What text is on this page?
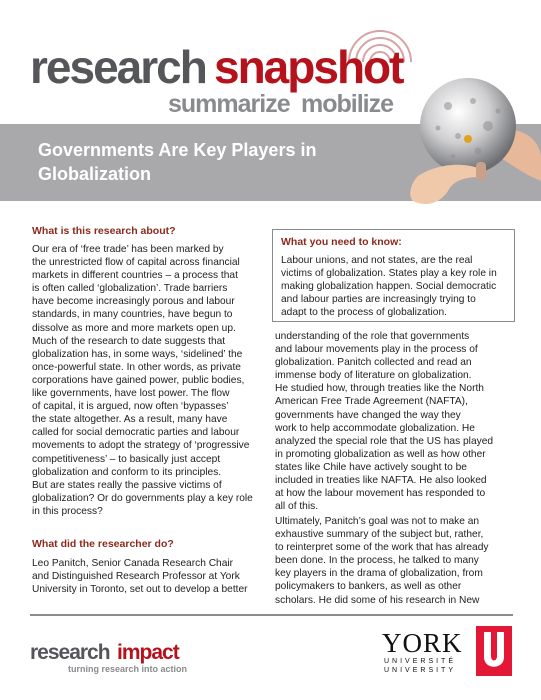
research snapshot
summarize mobilize
Governments Are Key Players in
Globalization
What is this research about?
Our era of ‘free trade’ has been marked by
the unrestricted flow of capital across financial
markets in different countries – a process that
is often called ‘globalization’. Trade barriers
have become increasingly porous and labour
standards, in many countries, have begun to
dissolve as more and more markets open up.
Much of the research to date suggests that
globalization has, in some ways, ‘sidelined’ the
once-powerful state. In other words, as private
corporations have gained power, public bodies,
like governments, have lost power. The flow
of capital, it is argued, now often ‘bypasses’
the state altogether. As a result, many have
called for social democratic parties and labour
movements to adopt the strategy of ‘progressive
competitiveness’ – to basically just accept
globalization and conform to its principles.
But are states really the passive victims of
globalization? Or do governments play a key role
in this process?
What did the researcher do?
Leo Panitch, Senior Canada Research Chair
and Distinguished Research Professor at York
University in Toronto, set out to develop a better
What you need to know:
Labour unions, and not states, are the real
victims of globalization. States play a key role in
making globalization happen. Social democratic
and labour parties are increasingly trying to
adapt to the process of globalization.
understanding of the role that governments
and labour movements play in the process of
globalization. Panitch collected and read an
immense body of literature on globalization.
He studied how, through treaties like the North
American Free Trade Agreement (NAFTA),
governments have changed the way they
work to help accommodate globalization. He
analyzed the special role that the US has played
in promoting globalization as well as how other
states like Chile have actively sought to be
included in treaties like NAFTA. He also looked
at how the labour movement has responded to
all of this.
Ultimately, Panitch’s goal was not to make an
exhaustive summary of the subject but, rather,
to reinterpret some of the work that has already
been done. In the process, he talked to many
key players in the drama of globalization, from
policymakers to bankers, as well as other
scholars. He did some of his research in New
research impact
turning research into action
YORK
UNIVERSITÉ
UNIVERSITY
